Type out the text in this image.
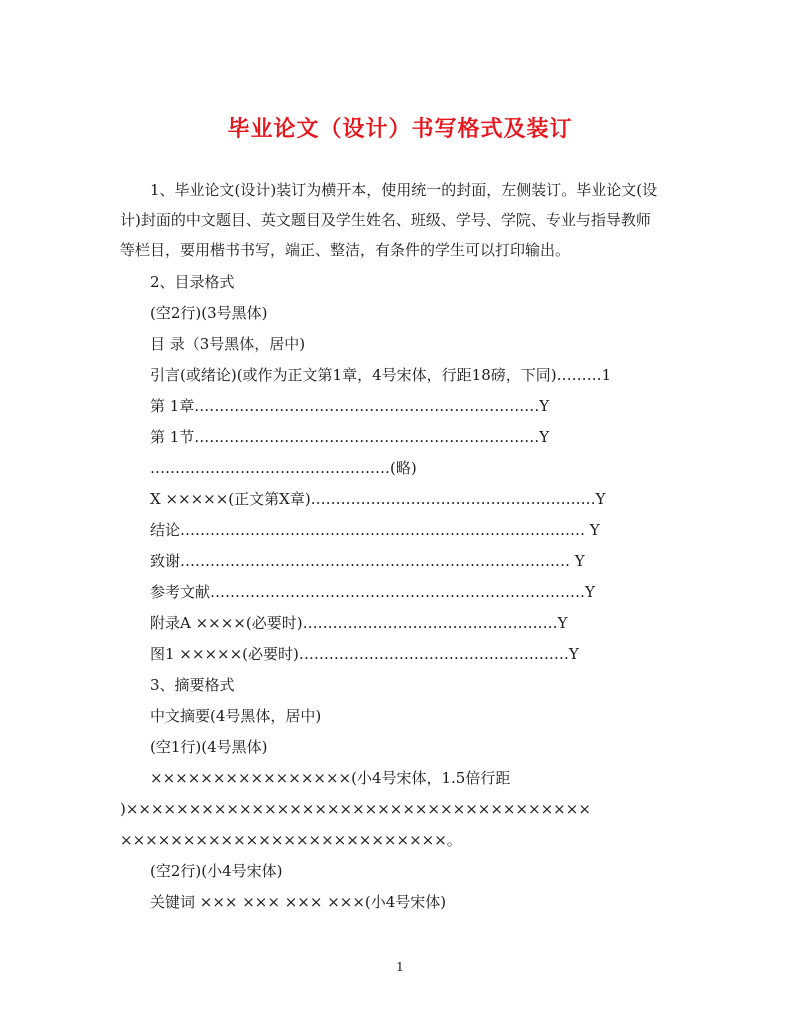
毕业论文（设计）书写格式及装订
1、毕业论文(设计)装订为横开本，使用统一的封面，左侧装订。毕业论文(设
计)封面的中文题目、英文题目及学生姓名、班级、学号、学院、专业与指导教师
等栏目，要用楷书书写，端正、整洁，有条件的学生可以打印输出。
2、目录格式
(空2行)(3号黑体)
目 录（3号黑体，居中)
引言(或绪论)(或作为正文第1章，4号宋体，行距18磅，下同)………1
第 1章……………………………………………………………Y
第 1节……………………………………………………………Y
…………………………………………(略)
X ×××××(正文第X章)…………………………………………………Y
结论……………………………………………………………………… Y
致谢…………………………………………………………………… Y
参考文献…………………………………………………………………Y
附录A ××××(必要时)……………………………………………Y
图1 ×××××(必要时)………………………………………………Y
3、摘要格式
中文摘要(4号黑体，居中)
(空1行)(4号黑体)
××××××××××××××××(小4号宋体，1.5倍行距
)×××××××××××××××××××××××××××××××××××××
××××××××××××××××××××××××××。
(空2行)(小4号宋体)
关键词 ××× ××× ××× ×××(小4号宋体)
1
